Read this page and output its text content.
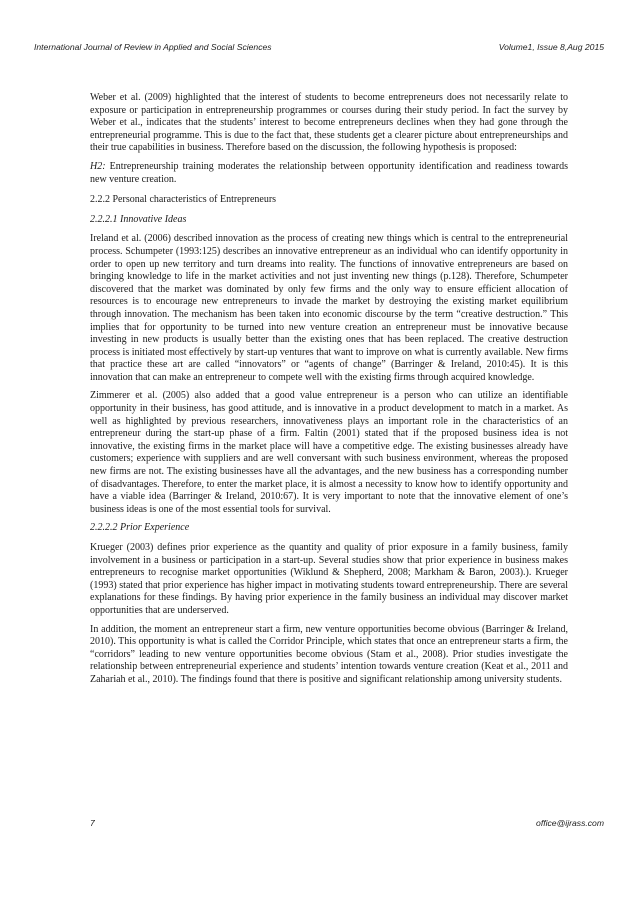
International Journal of Review in Applied and Social Sciences	Volume1, Issue 8,Aug 2015

Weber et al. (2009) highlighted that the interest of students to become entrepreneurs does not necessarily relate to exposure or participation in entrepreneurship programmes or courses during their study period. In fact the survey by Weber et al., indicates that the students’ interest to become entrepreneurs declines when they had gone through the entrepreneurial programme. This is due to the fact that, these students get a clearer picture about entrepreneurships and their true capabilities in business. Therefore based on the discussion, the following hypothesis is proposed:

H2: Entrepreneurship training moderates the relationship between opportunity identification and readiness towards new venture creation.

2.2.2 Personal characteristics of Entrepreneurs
2.2.2.1 Innovative Ideas

Ireland et al. (2006) described innovation as the process of creating new things which is central to the entrepreneurial process. Schumpeter (1993:125) describes an innovative entrepreneur as an individual who can identify opportunity in order to open up new territory and turn dreams into reality. The functions of innovative entrepreneurs are based on bringing knowledge to life in the market activities and not just inventing new things (p.128). Therefore, Schumpeter discovered that the market was dominated by only few firms and the only way to ensure efficient allocation of resources is to encourage new entrepreneurs to invade the market by destroying the existing market equilibrium through innovation. The mechanism has been taken into economic discourse by the term “creative destruction.” This implies that for opportunity to be turned into new venture creation an entrepreneur must be innovative because investing in new products is usually better than the existing ones that has been replaced. The creative destruction process is initiated most effectively by start-up ventures that want to improve on what is currently available. New firms that practice these art are called “innovators” or “agents of change” (Barringer & Ireland, 2010:45). It is this innovation that can make an entrepreneur to compete well with the existing firms through acquired knowledge.

Zimmerer et al. (2005) also added that a good value entrepreneur is a person who can utilize an identifiable opportunity in their business, has good attitude, and is innovative in a product development to match in a market. As well as highlighted by previous researchers, innovativeness plays an important role in the characteristics of an entrepreneur during the start-up phase of a firm. Faltin (2001) stated that if the proposed business idea is not innovative, the existing firms in the market place will have a competitive edge. The existing businesses already have customers; experience with suppliers and are well conversant with such business environment, whereas the proposed new firms are not. The existing businesses have all the advantages, and the new business has a corresponding number of disadvantages. Therefore, to enter the market place, it is almost a necessity to know how to identify opportunity and have a viable idea (Barringer & Ireland, 2010:67). It is very important to note that the innovative element of one’s business ideas is one of the most essential tools for survival.

2.2.2.2 Prior Experience

Krueger (2003) defines prior experience as the quantity and quality of prior exposure in a family business, family involvement in a business or participation in a start-up. Several studies show that prior experience in business makes entrepreneurs to recognise market opportunities (Wiklund & Shepherd, 2008; Markham & Baron, 2003).). Krueger (1993) stated that prior experience has higher impact in motivating students toward entrepreneurship. There are several explanations for these findings. By having prior experience in the family business an individual may discover market opportunities that are underserved.

In addition, the moment an entrepreneur start a firm, new venture opportunities become obvious (Barringer & Ireland, 2010). This opportunity is what is called the Corridor Principle, which states that once an entrepreneur starts a firm, the “corridors” leading to new venture opportunities become obvious (Stam et al., 2008). Prior studies investigate the relationship between entrepreneurial experience and students’ intention towards venture creation (Keat et al., 2011 and Zahariah et al., 2010). The findings found that there is positive and significant relationship among university students.

7	office@ijrass.com
